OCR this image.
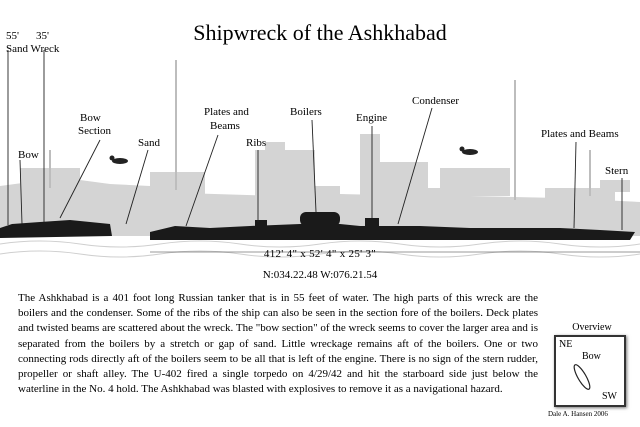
Shipwreck of the Ashkhabad
55' 35'
Sand Wreck
Bow
Bow
Section
Sand
Plates and
Beams
Ribs
Boilers	Engine
Condenser
Plates and Beams
Stern
412' 4" x 52' 4" x 25' 3"
N:034.22.48 W:076.21.54
The Ashkhabad is a 401 foot long Russian tanker that is in 55 feet of water. The high parts of this wreck are the boilers and the condenser. Some of the ribs of the ship can also be seen in the section fore of the boilers. Deck plates and twisted beams are scattered about the wreck. The "bow section" of the wreck seems to cover the larger area and is separated from the boilers by a stretch or gap of sand. Little wreckage remains aft of the boilers. One or two connecting rods directly aft of the boilers seem to be all that is left of the engine. There is no sign of the stern rudder, propeller or shaft alley. The U-402 fired a single torpedo on 4/29/42 and hit the starboard side just below the waterline in the No. 4 hold. The Ashkhabad was blasted with explosives to remove it as a navigational hazard.
Overview
NE
Bow
SW
Dale A. Hansen 2006
